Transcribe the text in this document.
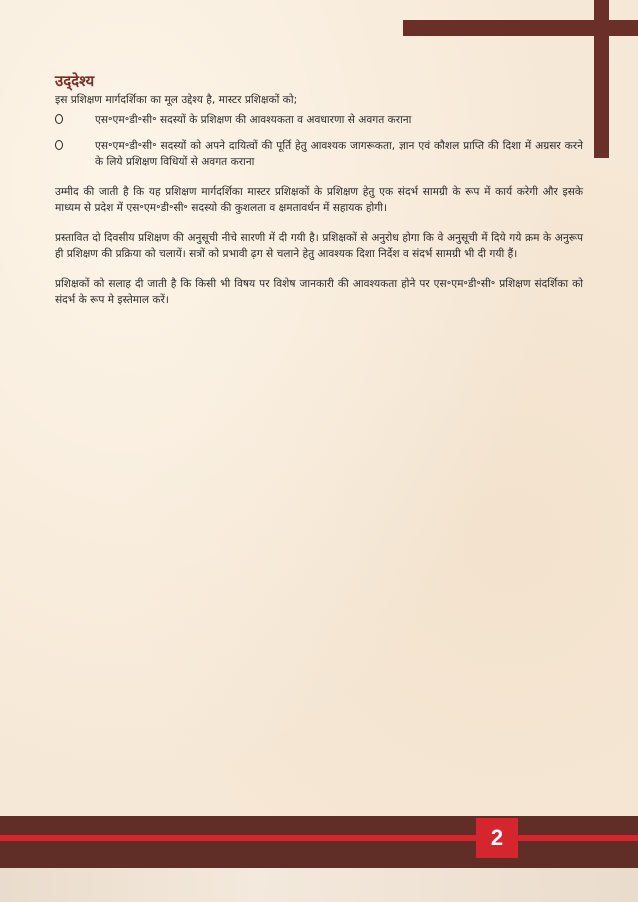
उद्‌देश्य

इस प्रशिक्षण मार्गदर्शिका का मूल उद्देश्य है, मास्टर प्रशिक्षकों को;

एस॰एम॰डी॰सी॰ सदस्यों के प्रशिक्षण की आवश्यकता व अवधारणा से अवगत कराना
एस॰एम॰डी॰सी॰ सदस्यों को अपने दायित्वों की पूर्ति हेतु आवश्यक जागरूकता, ज्ञान एवं कौशल प्राप्ति की दिशा में अग्रसर करने के लिये प्रशिक्षण विधियों से अवगत कराना

उम्मीद की जाती है कि यह प्रशिक्षण मार्गदर्शिका मास्टर प्रशिक्षकों के प्रशिक्षण हेतु एक संदर्भ सामग्री के रूप में कार्य करेगी और इसके माध्यम से प्रदेश में एस॰एम॰डी॰सी॰ सदस्यो की कुशलता व क्षमतावर्धन में सहायक होगी।

प्रस्तावित दो दिवसीय प्रशिक्षण की अनुसूची नीचे सारणी में दी गयी है। प्रशिक्षकों से अनुरोध होगा कि वे अनुसूची में दिये गये क्रम के अनुरूप ही प्रशिक्षण की प्रक्रिया को चलायें। सत्रों को प्रभावी ढ़ग से चलाने हेतु आवश्यक दिशा निर्देश व संदर्भ सामग्री भी दी गयी हैं।

प्रशिक्षकों को सलाह दी जाती है कि किसी भी विषय पर विशेष जानकारी की आवश्यकता होने पर एस॰एम॰डी॰सी॰ प्रशिक्षण संदर्शिका को संदर्भ के रूप मे इस्तेमाल करें।

2
